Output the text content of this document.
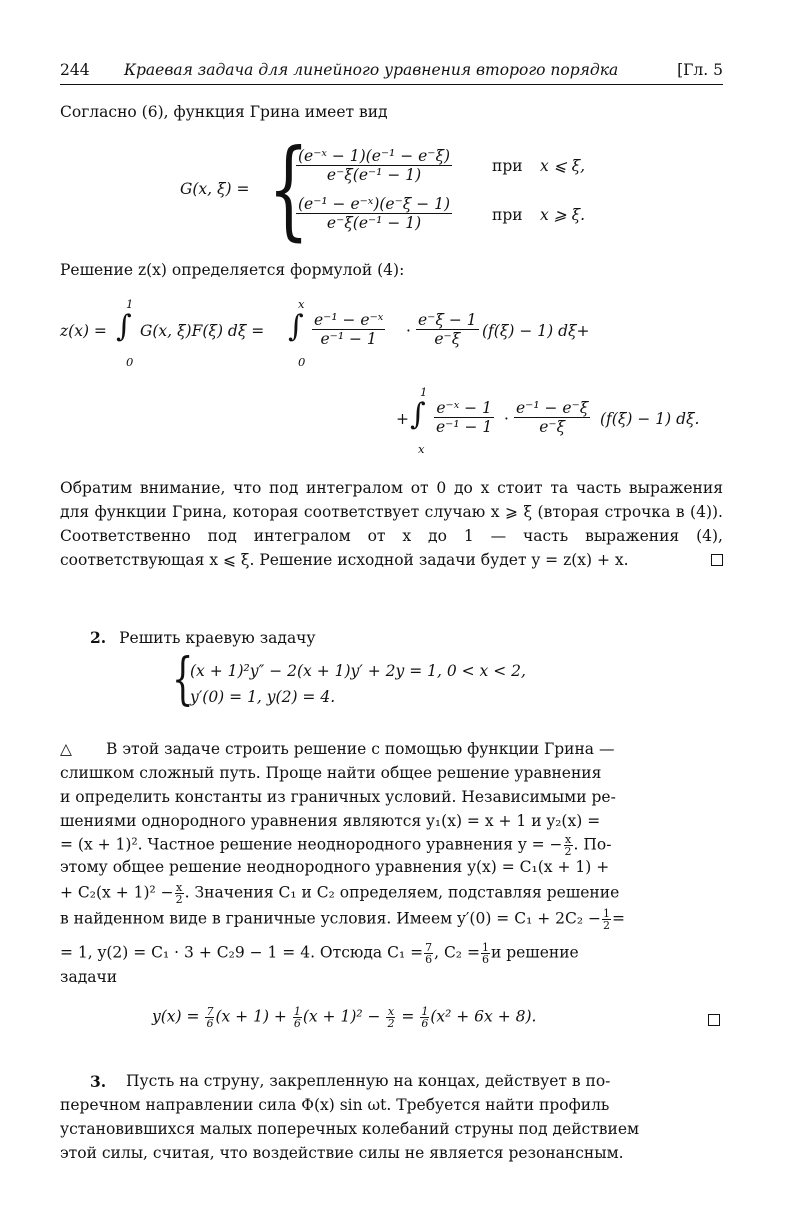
244 Краевая задача для линейного уравнения второго порядка	[Гл. 5
Согласно (6), функция Грина имеет вид
G(x, ξ) = {
$\frac{\text{(e⁻ˣ − 1)(e⁻¹ − e⁻ξ)}}{\text{e⁻ξ(e⁻¹ − 1)}}$	при x ⩽ ξ,
$\frac{\text{(e⁻¹ − e⁻ˣ)(e⁻ξ − 1)}}{\text{e⁻ξ(e⁻¹ − 1)}}$	при x ⩾ ξ.
Решение z(x) определяется формулой (4):
z(x) =
1
∫
0
G(x, ξ)F(ξ) dξ =
x
∫
0
$\frac{\text{e⁻¹ − e⁻ˣ}}{\text{e⁻¹ − 1}} \cdot \frac{e^-\xi - 1}{e^-\xi} (f(\xi) - 1)$ dξ+
+
1
∫
x
$\frac{\text{e⁻ˣ − 1}}{\text{e⁻¹ − 1}} \cdot \frac{\text{e⁻¹ − e⁻ξ}}{e^-\xi} (f(\xi) - 1)$ dξ.
Обратим внимание, что под интегралом от 0 до x стоит та часть выражения для функции Грина, которая соответствует случаю x ⩾ ξ (вторая строчка в (4)). Соответственно под интегралом от x до 1 — часть выражения (4), соответствующая x ⩽ ξ. Решение исходной задачи будет y = z(x) + x.
2. Решить краевую задачу
{
(x + 1)²y″ − 2(x + 1)y′ + 2y = 1, 0 < x < 2,
y′(0) = 1, y(2) = 4.
△ В этой задаче строить решение с помощью функции Грина —
слишком сложный путь. Проще найти общее решение уравнения
и определить константы из граничных условий. Независимыми ре-
шениями однородного уравнения являются y₁(x) = x + 1 и y₂(x) =
= (x + 1)². Частное решение неоднородного уравнения y = − $\frac{x}{2}$ . По-
этому общее решение неоднородного уравнения y(x) = C₁(x + 1) +
+ $C_2(x + 1)^2 - \frac{x}{2}$ . Значения C₁ и C₂ определяем, подставляя решение
в найденном виде в граничные условия. Имеем $y'(0) = C_1 + 2C_2 - \frac{1}{2}$ =
= 1, y(2) = C₁ · 3 + C₂9 − 1 = 4. Отсюда $C_1 = \frac{7}{6}$ , $C_2 = \frac{1}{6}$ и решение
задачи
$y(x) = \frac{7}{6} (x + 1) + \frac{1}{6} (x + 1)^2 - \frac{x}{2} = \frac{1}{6} (x^2 + 6x + 8)$.
3. Пусть на струну, закрепленную на концах, действует в по-
перечном направлении сила Φ(x) sin ωt. Требуется найти профиль
установившихся малых поперечных колебаний струны под действием
этой силы, считая, что воздействие силы не является резонансным.
